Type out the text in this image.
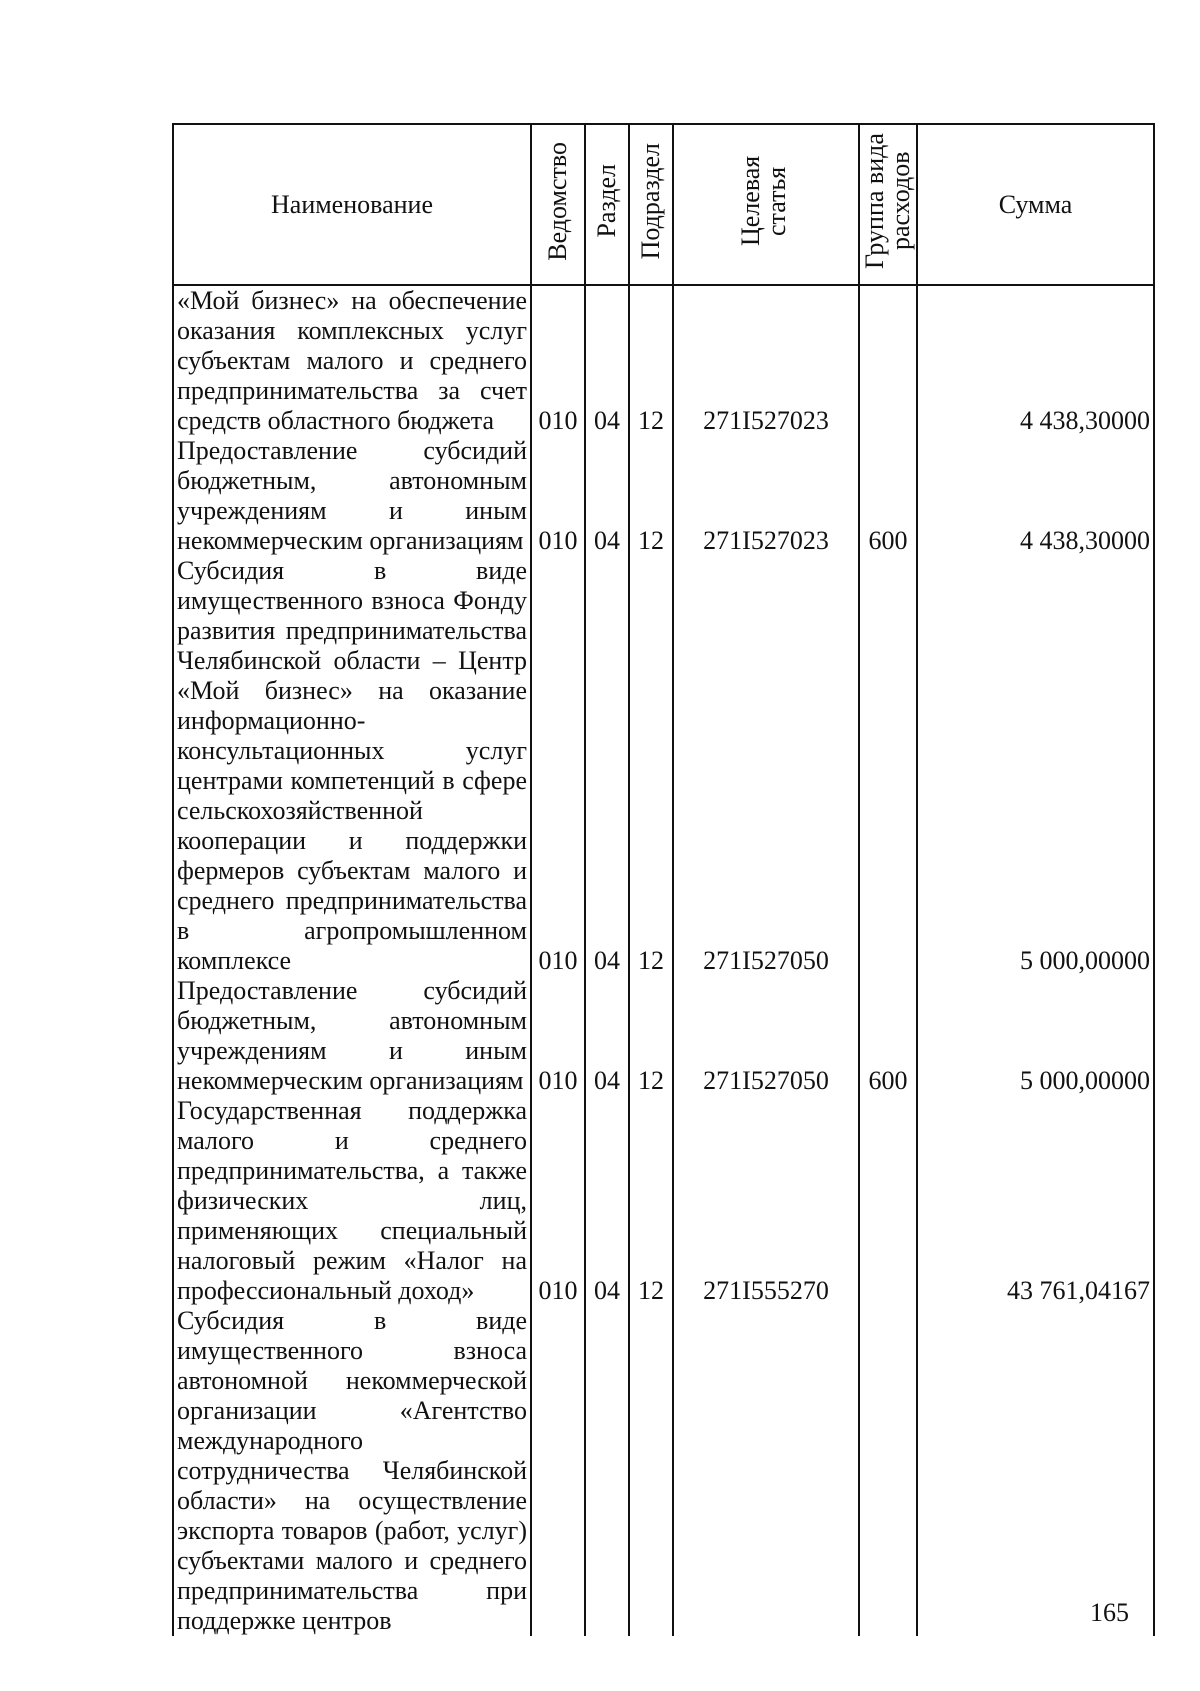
Наименование	Ведомство	Раздел	Подраздел	Целевая статья	Группа вида расходов	Сумма
«Мой бизнес» на обеспечение оказания комплексных услуг субъектам малого и среднего предпринимательства за счет средств областного бюджета	010	04	12	271I527023		4 438,30000
Предоставление субсидий бюджетным, автономным учреждениям и иным некоммерческим организациям	010	04	12	271I527023	600	4 438,30000
Субсидия в виде имущественного взноса Фонду развития предпринимательства Челябинской области – Центр «Мой бизнес» на оказание информационно-консультационных услуг центрами компетенций в сфере сельскохозяйственной кооперации и поддержки фермеров субъектам малого и среднего предпринимательства в агропромышленном комплексе	010	04	12	271I527050		5 000,00000
Предоставление субсидий бюджетным, автономным учреждениям и иным некоммерческим организациям	010	04	12	271I527050	600	5 000,00000
Государственная поддержка малого и среднего предпринимательства, а также физических лиц, применяющих специальный налоговый режим «Налог на профессиональный доход»	010	04	12	271I555270		43 761,04167
Субсидия в виде имущественного взноса автономной некоммерческой организации «Агентство международного сотрудничества Челябинской области» на осуществление экспорта товаров (работ, услуг) субъектами малого и среднего предпринимательства при поддержке центров							165
